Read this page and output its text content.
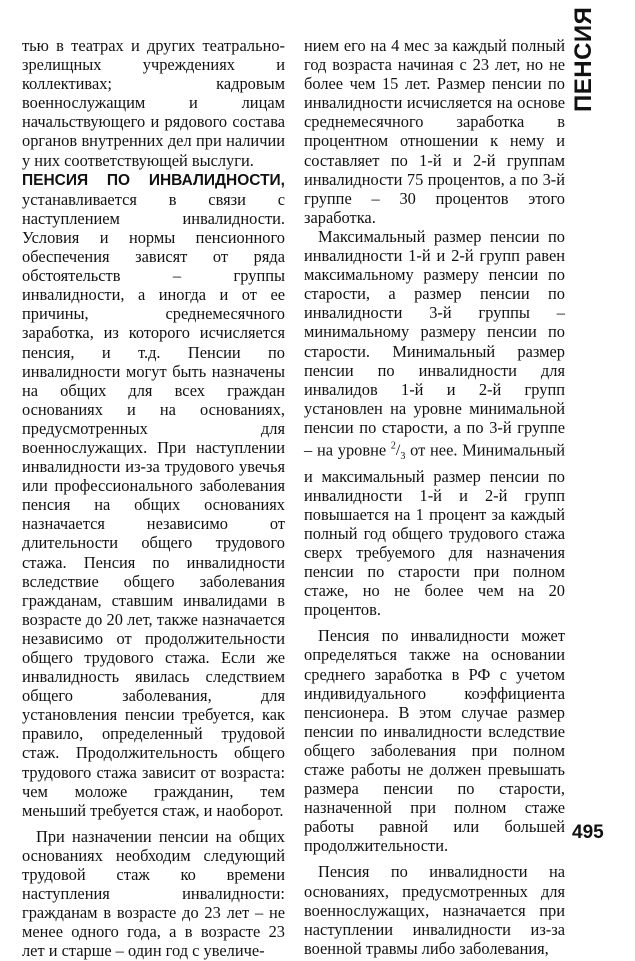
ПЕНСИЯ

тью в театрах и других театрально-зрелищных учреждениях и коллективах; кадровым военнослужащим и лицам начальствующего и рядового состава органов внутренних дел при наличии у них соответствующей выслуги.

ПЕНСИЯ ПО ИНВАЛИДНОСТИ, устанавливается в связи с наступлением инвалидности. Условия и нормы пенсионного обеспечения зависят от ряда обстоятельств – группы инвалидности, а иногда и от ее причины, среднемесячного заработка, из которого исчисляется пенсия, и т.д. Пенсии по инвалидности могут быть назначены на общих для всех граждан основаниях и на основаниях, предусмотренных для военнослужащих. При наступлении инвалидности из-за трудового увечья или профессионального заболевания пенсия на общих основаниях назначается независимо от длительности общего трудового стажа. Пенсия по инвалидности вследствие общего заболевания гражданам, ставшим инвалидами в возрасте до 20 лет, также назначается независимо от продолжительности общего трудового стажа. Если же инвалидность явилась следствием общего заболевания, для установления пенсии требуется, как правило, определенный трудовой стаж. Продолжительность общего трудового стажа зависит от возраста: чем моложе гражданин, тем меньший требуется стаж, и наоборот.

При назначении пенсии на общих основаниях необходим следующий трудовой стаж ко времени наступления инвалидности: гражданам в возрасте до 23 лет – не менее одного года, а в возрасте 23 лет и старше – один год с увеличе-

нием его на 4 мес за каждый полный год возраста начиная с 23 лет, но не более чем 15 лет. Размер пенсии по инвалидности исчисляется на основе среднемесячного заработка в процентном отношении к нему и составляет по 1-й и 2-й группам инвалидности 75 процентов, а по 3-й группе – 30 процентов этого заработка.

Максимальный размер пенсии по инвалидности 1-й и 2-й групп равен максимальному размеру пенсии по старости, а размер пенсии по инвалидности 3-й группы – минимальному размеру пенсии по старости. Минимальный размер пенсии по инвалидности для инвалидов 1-й и 2-й групп установлен на уровне минимальной пенсии по старости, а по 3-й группе – на уровне $^2/_3$ от нее. Минимальный и максимальный размер пенсии по инвалидности 1-й и 2-й групп повышается на 1 процент за каждый полный год общего трудового стажа сверх требуемого для назначения пенсии по старости при полном стаже, но не более чем на 20 процентов.

Пенсия по инвалидности может определяться также на основании среднего заработка в РФ с учетом индивидуального коэффициента пенсионера. В этом случае размер пенсии по инвалидности вследствие общего заболевания при полном стаже работы не должен превышать размера пенсии по старости, назначенной при полном стаже работы равной или большей продолжительности.

Пенсия по инвалидности на основаниях, предусмотренных для военнослужащих, назначается при наступлении инвалидности из-за военной травмы либо заболевания,

495
